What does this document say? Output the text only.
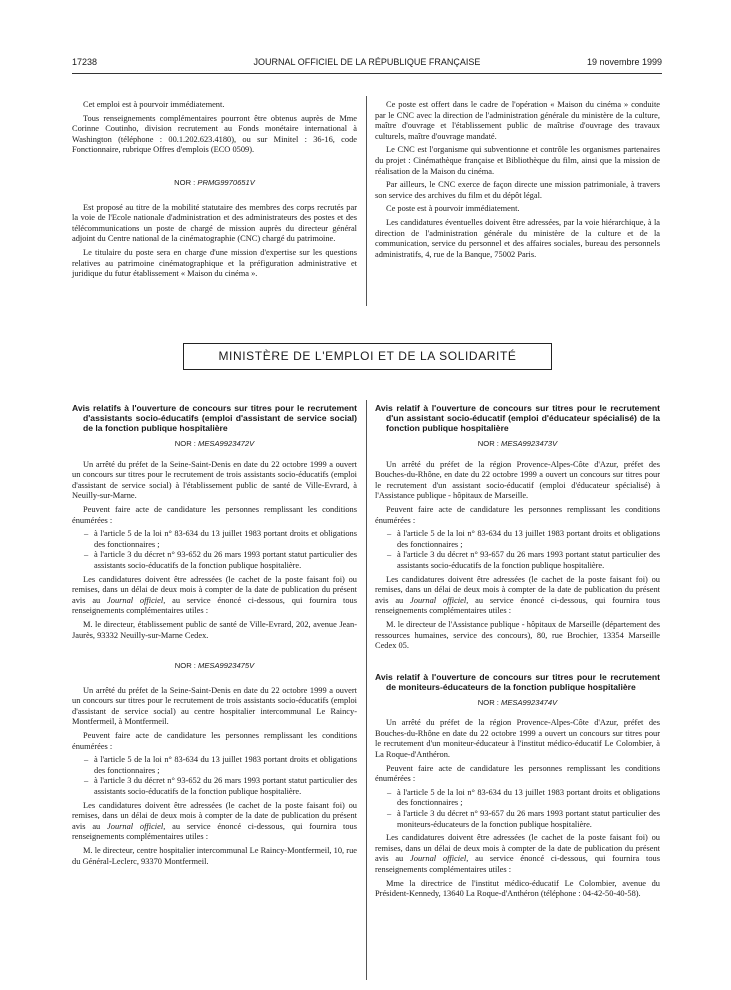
17238	JOURNAL OFFICIEL DE LA RÉPUBLIQUE FRANÇAISE	19 novembre 1999

Cet emploi est à pourvoir immédiatement.

Tous renseignements complémentaires pourront être obtenus auprès de Mme Corinne Coutinho, division recrutement au Fonds monétaire international à Washington (téléphone : 00.1.202.623.4180), ou sur Minitel : 36-16, code Fonctionnaire, rubrique Offres d'emplois (ECO 0509).

NOR : PRMG9970651V

Est proposé au titre de la mobilité statutaire des membres des corps recrutés par la voie de l'Ecole nationale d'administration et des administrateurs des postes et des télécommunications un poste de chargé de mission auprès du directeur général adjoint du Centre national de la cinématographie (CNC) chargé du patrimoine.

Le titulaire du poste sera en charge d'une mission d'expertise sur les questions relatives au patrimoine cinématographique et la préfiguration administrative et juridique du futur établissement « Maison du cinéma ».

Ce poste est offert dans le cadre de l'opération « Maison du cinéma » conduite par le CNC avec la direction de l'administration générale du ministère de la culture, maître d'ouvrage et l'établissement public de maîtrise d'ouvrage des travaux culturels, maître d'ouvrage mandaté.

Le CNC est l'organisme qui subventionne et contrôle les organismes partenaires du projet : Cinémathèque française et Bibliothèque du film, ainsi que la mission de réalisation de la Maison du cinéma.

Par ailleurs, le CNC exerce de façon directe une mission patrimoniale, à travers son service des archives du film et du dépôt légal.

Ce poste est à pourvoir immédiatement.

Les candidatures éventuelles doivent être adressées, par la voie hiérarchique, à la direction de l'administration générale du ministère de la culture et de la communication, service du personnel et des affaires sociales, bureau des personnels administratifs, 4, rue de la Banque, 75002 Paris.

MINISTÈRE DE L'EMPLOI ET DE LA SOLIDARITÉ
Avis relatifs à l'ouverture de concours sur titres pour le recrutement d'assistants socio-éducatifs (emploi d'assistant de service social) de la fonction publique hospitalière
NOR : MESA9923472V

Un arrêté du préfet de la Seine-Saint-Denis en date du 22 octobre 1999 a ouvert un concours sur titres pour le recrutement de trois assistants socio-éducatifs (emploi d'assistant de service social) à l'établissement public de santé de Ville-Evrard, à Neuilly-sur-Marne.

Peuvent faire acte de candidature les personnes remplissant les conditions énumérées :

– à l'article 5 de la loi n° 83-634 du 13 juillet 1983 portant droits et obligations des fonctionnaires ;
– à l'article 3 du décret n° 93-652 du 26 mars 1993 portant statut particulier des assistants socio-éducatifs de la fonction publique hospitalière.

Les candidatures doivent être adressées (le cachet de la poste faisant foi) ou remises, dans un délai de deux mois à compter de la date de publication du présent avis au Journal officiel, au service énoncé ci-dessous, qui fournira tous renseignements complémentaires utiles :

M. le directeur, établissement public de santé de Ville-Evrard, 202, avenue Jean-Jaurès, 93332 Neuilly-sur-Marne Cedex.

NOR : MESA9923475V

Un arrêté du préfet de la Seine-Saint-Denis en date du 22 octobre 1999 a ouvert un concours sur titres pour le recrutement de trois assistants socio-éducatifs (emploi d'assistant de service social) au centre hospitalier intercommunal Le Raincy-Montfermeil, à Montfermeil.

Peuvent faire acte de candidature les personnes remplissant les conditions énumérées :

– à l'article 5 de la loi n° 83-634 du 13 juillet 1983 portant droits et obligations des fonctionnaires ;
– à l'article 3 du décret n° 93-652 du 26 mars 1993 portant statut particulier des assistants socio-éducatifs de la fonction publique hospitalière.

Les candidatures doivent être adressées (le cachet de la poste faisant foi) ou remises, dans un délai de deux mois à compter de la date de publication du présent avis au Journal officiel, au service énoncé ci-dessous, qui fournira tous renseignements complémentaires utiles :

M. le directeur, centre hospitalier intercommunal Le Raincy-Montfermeil, 10, rue du Général-Leclerc, 93370 Montfermeil.

Avis relatif à l'ouverture de concours sur titres pour le recrutement d'un assistant socio-éducatif (emploi d'éducateur spécialisé) de la fonction publique hospitalière
NOR : MESA9923473V

Un arrêté du préfet de la région Provence-Alpes-Côte d'Azur, préfet des Bouches-du-Rhône, en date du 22 octobre 1999 a ouvert un concours sur titres pour le recrutement d'un assistant socio-éducatif (emploi d'éducateur spécialisé) à l'Assistance publique - hôpitaux de Marseille.

Peuvent faire acte de candidature les personnes remplissant les conditions énumérées :

– à l'article 5 de la loi n° 83-634 du 13 juillet 1983 portant droits et obligations des fonctionnaires ;
– à l'article 3 du décret n° 93-657 du 26 mars 1993 portant statut particulier des assistants socio-éducatifs de la fonction publique hospitalière.

Les candidatures doivent être adressées (le cachet de la poste faisant foi) ou remises, dans un délai de deux mois à compter de la date de publication du présent avis au Journal officiel, au service énoncé ci-dessous, qui fournira tous renseignements complémentaires utiles :

M. le directeur de l'Assistance publique - hôpitaux de Marseille (département des ressources humaines, service des concours), 80, rue Brochier, 13354 Marseille Cedex 05.

Avis relatif à l'ouverture de concours sur titres pour le recrutement de moniteurs-éducateurs de la fonction publique hospitalière
NOR : MESA9923474V

Un arrêté du préfet de la région Provence-Alpes-Côte d'Azur, préfet des Bouches-du-Rhône en date du 22 octobre 1999 a ouvert un concours sur titres pour le recrutement d'un moniteur-éducateur à l'institut médico-éducatif Le Colombier, à La Roque-d'Anthéron.

Peuvent faire acte de candidature les personnes remplissant les conditions énumérées :

– à l'article 5 de la loi n° 83-634 du 13 juillet 1983 portant droits et obligations des fonctionnaires ;
– à l'article 3 du décret n° 93-657 du 26 mars 1993 portant statut particulier des moniteurs-éducateurs de la fonction publique hospitalière.

Les candidatures doivent être adressées (le cachet de la poste faisant foi) ou remises, dans un délai de deux mois à compter de la date de publication du présent avis au Journal officiel, au service énoncé ci-dessous, qui fournira tous renseignements complémentaires utiles :

Mme la directrice de l'institut médico-éducatif Le Colombier, avenue du Président-Kennedy, 13640 La Roque-d'Anthéron (téléphone : 04-42-50-40-58).
